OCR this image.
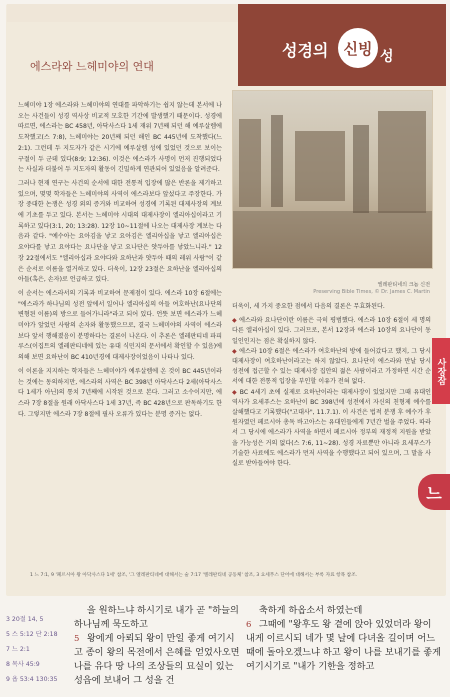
성경의	신빙 성
에스라와 느헤미야의 연대

느헤미야 1장 에스라와 느헤미야의 연대를 파악하기는 쉽지 않는데 본서에 나오는 사건들이 성경 역사상 비교적 모호한 기간에 발생했기 때문이다. 성경에 따르면, 에스라는 BC 458년, 아닥사스다 1세 재위 7년째 되던 해 예루살렘에 도착했고(스 7:8), 느헤미야는 20년째 되던 해인 BC 445년에 도착했다(느 2:1). 그런데 두 지도자가 같은 시기에 예루살렘 성에 있었던 것으로 보이는 구절이 두 군데 있다(8:9; 12:36). 이것은 에스라가 사명이 먼저 진행되었다는 사실과 더불어 두 지도자의 활동이 긴밀하게 연관되어 있었음을 알려준다.

그러나 현재 연구는 사건의 순서에 대한 전통적 입장에 많은 반론을 제기하고 있으며, 몇몇 학자들은 느헤미야의 사역이 에스라보다 앞섰다고 주장한다. 가장 중대한 논쟁은 성경 외의 증거와 비교하여 성경에 기록된 대제사장의 계보에 기초를 두고 있다. 본서는 느헤미야 시대의 대제사장이 엘리아십이라고 기록하고 있다(3:1, 20; 13:28). 12장 10~11절에 나오는 대제사장 계보는 다음과 같다. "예수아는 요아김을 낳고 요아김은 엘리아십을 낳고 엘리아십은 요야다를 낳고 요야다는 요나단을 낳고 요나단은 얏두아를 낳았느니라." 12장 22절에서도 "엘리아십과 요야다와 요하난과 얏두아 때의 레위 사람"이 같은 순서로 이름을 열거하고 있다. 더욱이, 12장 23절은 요하난을 엘리아십의 아들(혹은, 손자)로 언급하고 있다.

이 순서는 에스라서의 기록과 비교하여 문제점이 있다. 에스라 10장 6절에는 "에스라가 하나님의 성전 앞에서 일어나 엘리아십의 아들 여호하난(요나단의 변형된 이름)의 방으로 들어가니라"라고 되어 있다. 언뜻 보면 에스라가 느헤미야가 앞었던 사람의 손자와 활동했으므로, 결국 느헤미야의 사역이 에스라보다 앞서 행해졌음이 분명하다는 결론이 나온다. 이 추론은 엘레판티네 파피루스(이집트의 엘레판티네에 있는 유대 식민지의 문서에서 확인할 수 있음)에 의해 보면 요하난이 BC 410년경에 대제사장이었음이 나타나 있다.

이 이론을 지지하는 학자들은 느헤미야가 예루살렘에 온 것이 BC 445년이라는 것에는 동의하지만, 에스라의 사역은 BC 398년 아닥사스다 2세(아닥사스다 1세가 아닌)의 통치 7년째에 시작된 것으로 본다. 그러고 소수이지만, 에스라 7장 8절을 원래 아닥사스다 1세 37년, 즉 BC 428년으로 판독하기도 한다. 그렇지만 에스라 7장 8절에 필사 오류가 있다는 분명 증거는 없다.

엘레판티네의 크놈 신전
Preserving Bible Times, © Dr. James C. Martin

더욱이, 세 가지 중요한 점에서 다음의 결론은 무효화된다.

◆ 에스라와 요나단이란 이름은 극히 평범했다. 에스라 10장 6절이 세 명의 다른 엘리아십이 있다. 그러므로, 본서 12장과 에스라 10장의 요나단이 동일인인지는 점은 확실하지 않다.

◆ 에스라 10장 6절은 에스라가 여호하난의 방에 들어갔다고 했지, 그 당시 대제사장이 여호하난이라고는 하지 않았다. 요나단이 에스라와 만날 당시 성전에 접근할 수 있는 대제사장 집안의 젊은 사람이라고 가정하면 시간 순서에 대한 전통적 입장을 부인할 이유가 전혀 없다.

◆ BC 4세기 초에 실제로 요하난이라는 대제사장이 있었지만 그때 유대인 역사가 요세푸스는 요하난이 BC 398년에 성전에서 자신의 친형제 예수를 살해했다고 기록했다("고대사", 11.7.1). 이 사건은 법적 분쟁 후 예수가 후원자였던 페르시아 총독 바고아스는 유대인들에게 7년간 벌을 주었다. 따라서 그 당시에 에스라가 사역을 하면서 페르시아 정부의 재정적 지원을 받았을 가능성은 거의 없다(스 7:6, 11~28). 성경 자료뿐만 아니라 요세푸스가 기술한 사료에도 에스라가 먼저 사역을 수행했다고 되어 있으며, 그 말을 사실로 받아들여야 한다.

1 느 7:1, 9 '폐르시아 왕 아닥사스다 1세' 참조, '그 엘레판티네에 대해서는 술 7:17 '엘레판티네 공동체' 참조, 3 요세푸스 단어에 대해서는 부록 자료 항목 참조.
사장잠
느
3 20절 14, 5
5 스 5:12 단 2:18
7 느 2:1
8 목사 45:9
9 욥 53:4 130:35

을 원하느냐 하시기로 내가 곧 "하늘의 하나님께 묵도하고

5 왕에게 아뢰되 왕이 만일 좋게 여기시고 종이 왕의 목전에서 은혜를 얻었사오면 나를 유다 땅 나의 조상들의 묘실이 있는 성읍에 보내어 그 성을 건

축하게 하옵소서 하였는데

6 그때에 "왕후도 왕 곁에 앉아 있었더라 왕이 내게 이르시되 네가 몇 날에 다녀올 길이며 어느 때에 돌아오겠느냐 하고 왕이 나를 보내기를 좋게 여기시기로 "내가 기한을 정하고
